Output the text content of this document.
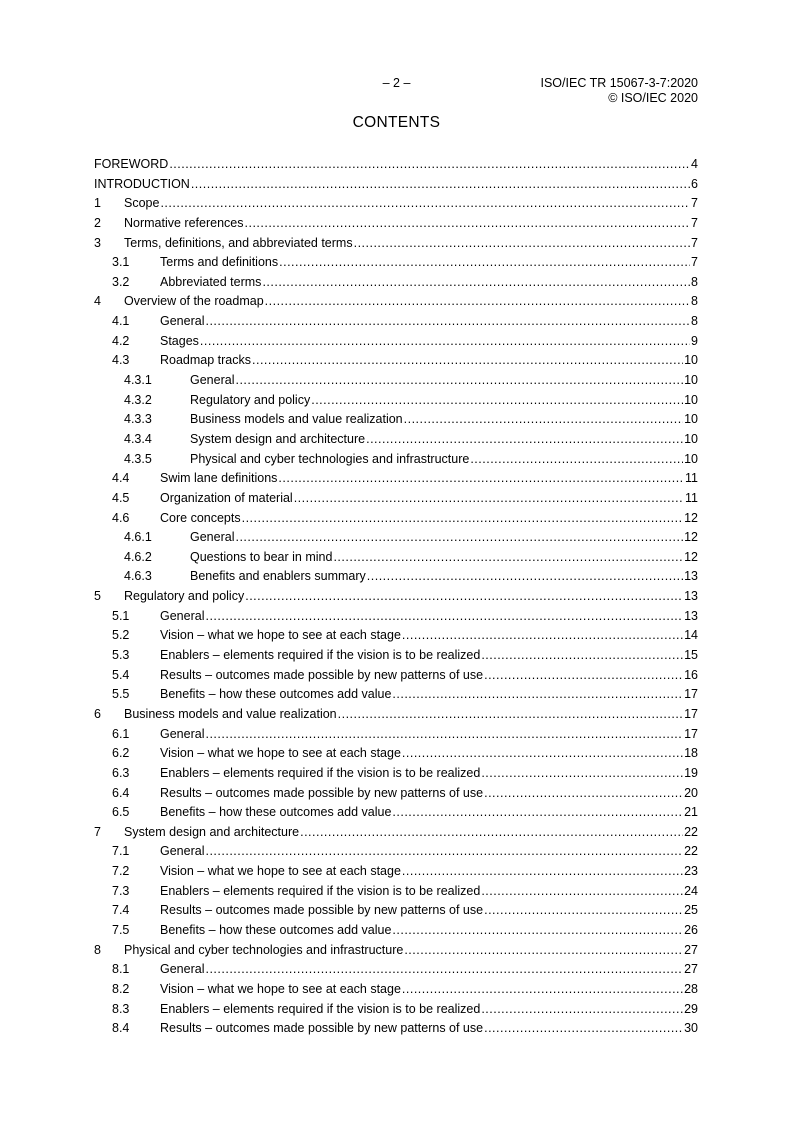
– 2 –	ISO/IEC TR 15067-3-7:2020
© ISO/IEC 2020
CONTENTS
FOREWORD .....	4
INTRODUCTION .....	6
1	Scope .....	7
2	Normative references .....	7
3	Terms, definitions, and abbreviated terms .....	7
3.1	Terms and definitions .....	7
3.2	Abbreviated terms .....	8
4	Overview of the roadmap .....	8
4.1	General .....	8
4.2	Stages .....	9
4.3	Roadmap tracks .....	10
4.3.1	General .....	10
4.3.2	Regulatory and policy .....	10
4.3.3	Business models and value realization .....	10
4.3.4	System design and architecture .....	10
4.3.5	Physical and cyber technologies and infrastructure .....	10
4.4	Swim lane definitions .....	11
4.5	Organization of material .....	11
4.6	Core concepts .....	12
4.6.1	General .....	12
4.6.2	Questions to bear in mind .....	12
4.6.3	Benefits and enablers summary .....	13
5	Regulatory and policy .....	13
5.1	General .....	13
5.2	Vision – what we hope to see at each stage .....	14
5.3	Enablers – elements required if the vision is to be realized .....	15
5.4	Results – outcomes made possible by new patterns of use .....	16
5.5	Benefits – how these outcomes add value .....	17
6	Business models and value realization .....	17
6.1	General .....	17
6.2	Vision – what we hope to see at each stage .....	18
6.3	Enablers – elements required if the vision is to be realized .....	19
6.4	Results – outcomes made possible by new patterns of use .....	20
6.5	Benefits – how these outcomes add value .....	21
7	System design and architecture .....	22
7.1	General .....	22
7.2	Vision – what we hope to see at each stage .....	23
7.3	Enablers – elements required if the vision is to be realized .....	24
7.4	Results – outcomes made possible by new patterns of use .....	25
7.5	Benefits – how these outcomes add value .....	26
8	Physical and cyber technologies and infrastructure .....	27
8.1	General .....	27
8.2	Vision – what we hope to see at each stage .....	28
8.3	Enablers – elements required if the vision is to be realized .....	29
8.4	Results – outcomes made possible by new patterns of use .....	30
